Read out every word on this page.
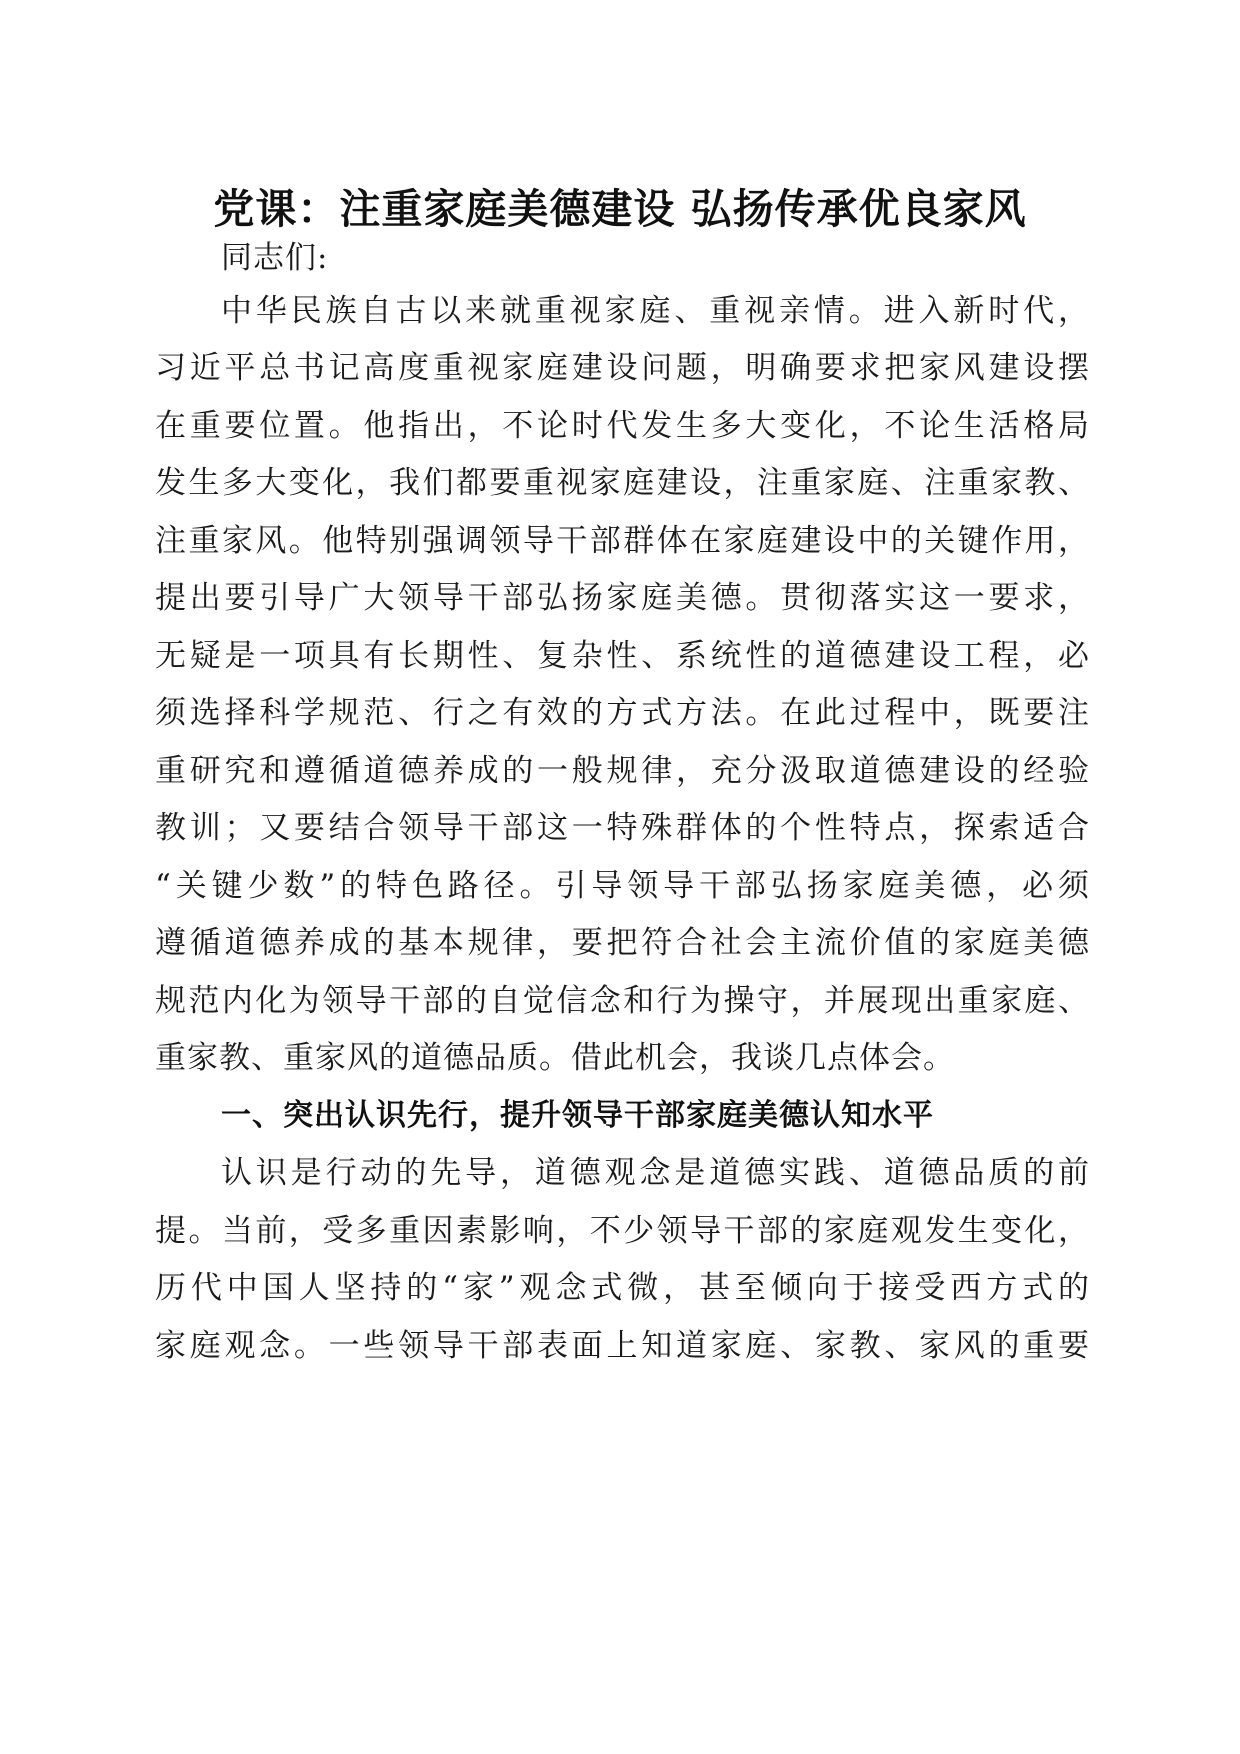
党课：注重家庭美德建设 弘扬传承优良家风

同志们:

中华民族自古以来就重视家庭、重视亲情。进入新时代，

习近平总书记高度重视家庭建设问题，明确要求把家风建设摆

在重要位置。他指出，不论时代发生多大变化，不论生活格局

发生多大变化，我们都要重视家庭建设，注重家庭、注重家教、

注重家风。他特别强调领导干部群体在家庭建设中的关键作用，

提出要引导广大领导干部弘扬家庭美德。贯彻落实这一要求，

无疑是一项具有长期性、复杂性、系统性的道德建设工程，必

须选择科学规范、行之有效的方式方法。在此过程中，既要注

重研究和遵循道德养成的一般规律，充分汲取道德建设的经验

教训；又要结合领导干部这一特殊群体的个性特点，探索适合

“关键少数”的特色路径。引导领导干部弘扬家庭美德，必须

遵循道德养成的基本规律，要把符合社会主流价值的家庭美德

规范内化为领导干部的自觉信念和行为操守，并展现出重家庭、

重家教、重家风的道德品质。借此机会，我谈几点体会。

一、突出认识先行，提升领导干部家庭美德认知水平

认识是行动的先导，道德观念是道德实践、道德品质的前

提。当前，受多重因素影响，不少领导干部的家庭观发生变化，

历代中国人坚持的“家”观念式微，甚至倾向于接受西方式的

家庭观念。一些领导干部表面上知道家庭、家教、家风的重要
